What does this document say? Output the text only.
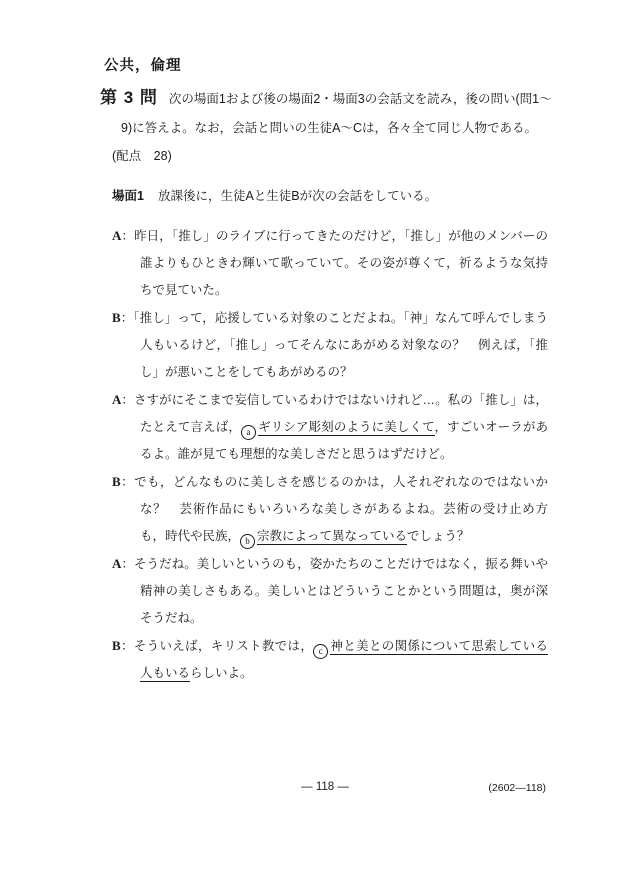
公共，倫理
第 3 問 次の場面1および後の場面2・場面3の会話文を読み，後の問い(問1～
9)に答えよ。なお，会話と問いの生徒A～Cは，各々全て同じ人物である。
(配点　28)
場面1 放課後に，生徒Aと生徒Bが次の会話をしている。

A：昨日，「推し」のライブに行ってきたのだけど，「推し」が他のメンバーの誰よりもひときわ輝いて歌っていて。その姿が尊くて，祈るような気持ちで見ていた。

B：「推し」って，応援している対象のことだよね。「神」なんて呼んでしまう人もいるけど，「推し」ってそんなにあがめる対象なの？　例えば，「推し」が悪いことをしてもあがめるの？

A：さすがにそこまで妄信しているわけではないけれど…。私の「推し」は，たとえて言えば， a ギリシア彫刻のように美しくて，すごいオーラがあるよ。誰が見ても理想的な美しさだと思うはずだけど。

B：でも，どんなものに美しさを感じるのかは，人それぞれなのではないかな？　芸術作品にもいろいろな美しさがあるよね。芸術の受け止め方も，時代や民族， b 宗教によって異なっているでしょう？

A：そうだね。美しいというのも，姿かたちのことだけではなく，振る舞いや精神の美しさもある。美しいとはどういうことかという問題は，奥が深そうだね。

B：そういえば，キリスト教では， c 神と美との関係について思索している人もいるらしいよ。

― 118 ―	(2602―118)
